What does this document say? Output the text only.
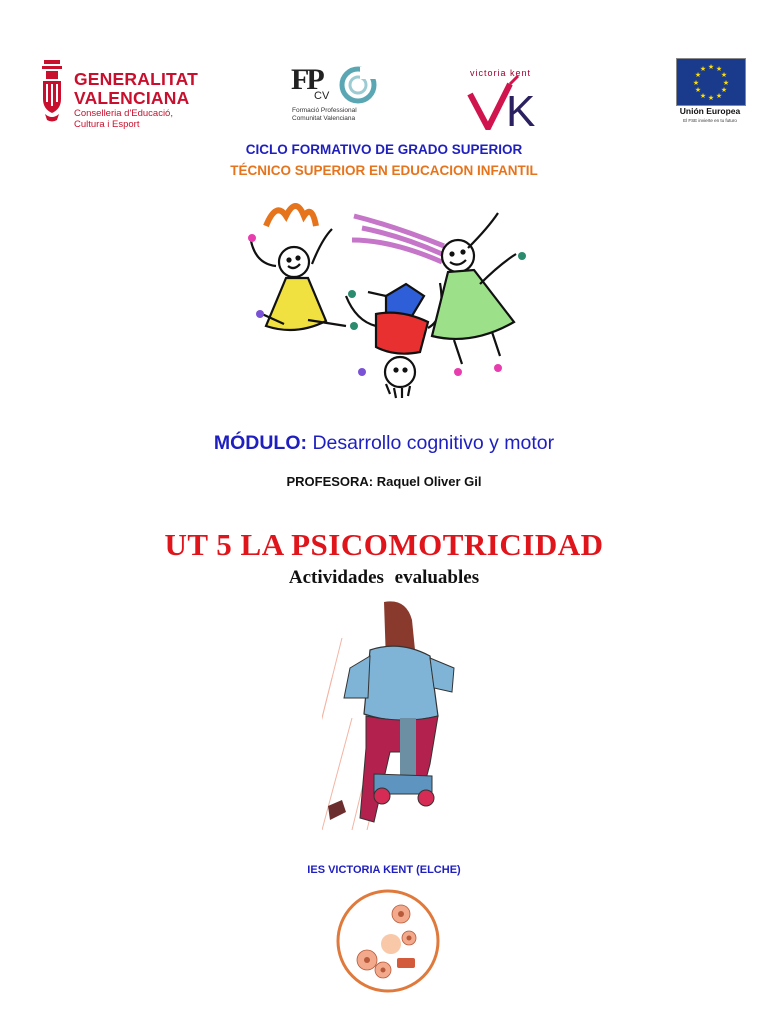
GENERALITAT
VALENCIANA
Conselleria d'Educació,
Cultura i Esport
FP
CV
Formació Professional
Comunitat Valenciana
victoria kent
K
★ ★
★
★
★
★
★
★
★
★
★
★
Unión Europea
El FSE invierte en tu futuro
CICLO FORMATIVO DE GRADO SUPERIOR
TÉCNICO SUPERIOR EN EDUCACION INFANTIL
MÓDULO: Desarrollo cognitivo y motor
PROFESORA: Raquel Oliver Gil
UT 5 LA PSICOMOTRICIDAD
Actividades evaluables
IES VICTORIA KENT (ELCHE)
